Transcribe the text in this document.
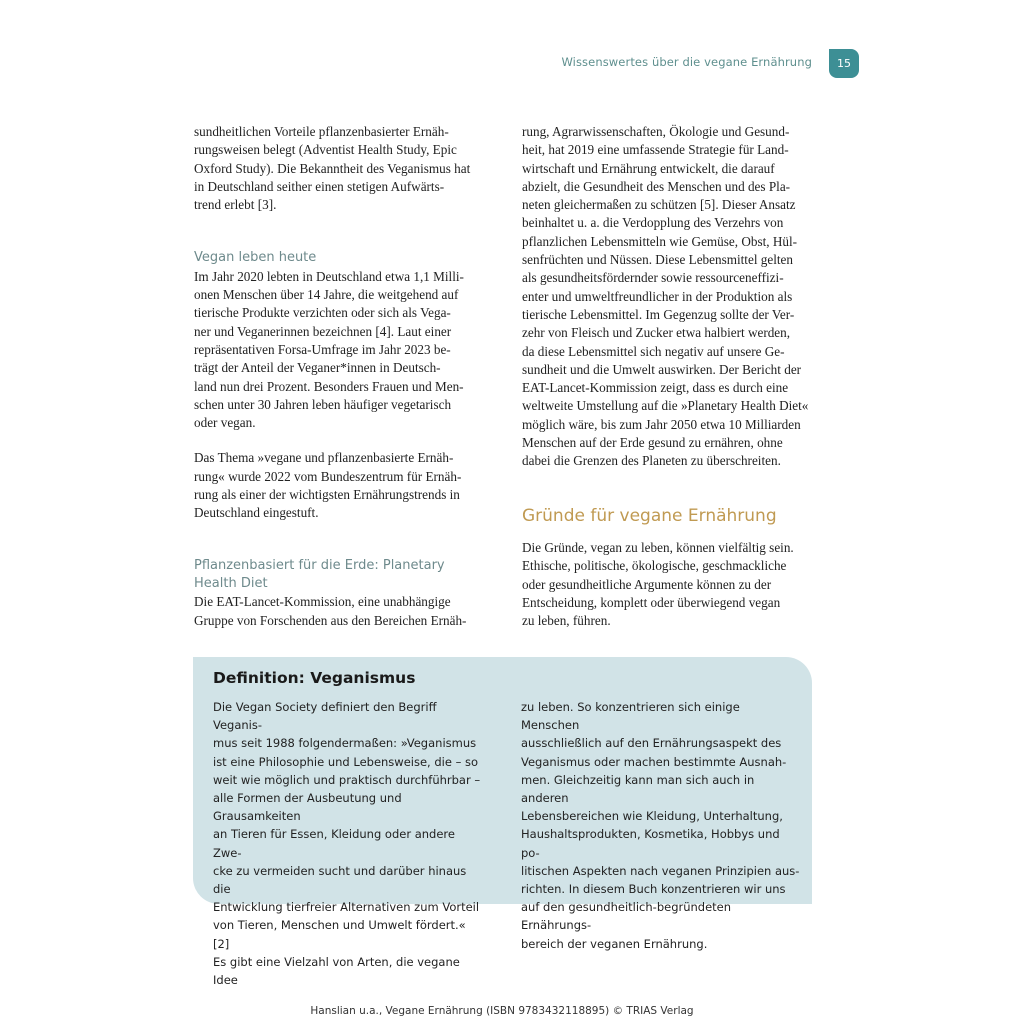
Wissenswertes über die vegane Ernährung	15

sundheitlichen Vorteile pflanzenbasierter Ernäh-
rungsweisen belegt (Adventist Health Study, Epic
Oxford Study). Die Bekanntheit des Veganismus hat
in Deutschland seither einen stetigen Aufwärts-
trend erlebt [3].

Vegan leben heute

Im Jahr 2020 lebten in Deutschland etwa 1,1 Milli-
onen Menschen über 14 Jahre, die weitgehend auf
tierische Produkte verzichten oder sich als Vega-
ner und Veganerinnen bezeichnen [4]. Laut einer
repräsentativen Forsa-Umfrage im Jahr 2023 be-
trägt der Anteil der Veganer*innen in Deutsch-
land nun drei Prozent. Besonders Frauen und Men-
schen unter 30 Jahren leben häufiger vegetarisch
oder vegan.

Das Thema »vegane und pflanzenbasierte Ernäh-
rung« wurde 2022 vom Bundeszentrum für Ernäh-
rung als einer der wichtigsten Ernährungstrends in
Deutschland eingestuft.

Pflanzenbasiert für die Erde: Planetary
Health Diet

Die EAT-Lancet-Kommission, eine unabhängige
Gruppe von Forschenden aus den Bereichen Ernäh-

rung, Agrarwissenschaften, Ökologie und Gesund-
heit, hat 2019 eine umfassende Strategie für Land-
wirtschaft und Ernährung entwickelt, die darauf
abzielt, die Gesundheit des Menschen und des Pla-
neten gleichermaßen zu schützen [5]. Dieser Ansatz
beinhaltet u. a. die Verdopplung des Verzehrs von
pflanzlichen Lebensmitteln wie Gemüse, Obst, Hül-
senfrüchten und Nüssen. Diese Lebensmittel gelten
als gesundheitsfördernder sowie ressourceneffizi-
enter und umweltfreundlicher in der Produktion als
tierische Lebensmittel. Im Gegenzug sollte der Ver-
zehr von Fleisch und Zucker etwa halbiert werden,
da diese Lebensmittel sich negativ auf unsere Ge-
sundheit und die Umwelt auswirken. Der Bericht der
EAT-Lancet-Kommission zeigt, dass es durch eine
weltweite Umstellung auf die »Planetary Health Diet«
möglich wäre, bis zum Jahr 2050 etwa 10 Milliarden
Menschen auf der Erde gesund zu ernähren, ohne
dabei die Grenzen des Planeten zu überschreiten.

Gründe für vegane Ernährung

Die Gründe, vegan zu leben, können vielfältig sein.
Ethische, politische, ökologische, geschmackliche
oder gesundheitliche Argumente können zu der
Entscheidung, komplett oder überwiegend vegan
zu leben, führen.

Definition: Veganismus

Die Vegan Society definiert den Begriff Veganis-
mus seit 1988 folgendermaßen: »Veganismus
ist eine Philosophie und Lebensweise, die – so
weit wie möglich und praktisch durchführbar –
alle Formen der Ausbeutung und Grausamkeiten
an Tieren für Essen, Kleidung oder andere Zwe-
cke zu vermeiden sucht und darüber hinaus die
Entwicklung tierfreier Alternativen zum Vorteil
von Tieren, Menschen und Umwelt fördert.« [2]
Es gibt eine Vielzahl von Arten, die vegane Idee

zu leben. So konzentrieren sich einige Menschen
ausschließlich auf den Ernährungsaspekt des
Veganismus oder machen bestimmte Ausnah-
men. Gleichzeitig kann man sich auch in anderen
Lebensbereichen wie Kleidung, Unterhaltung,
Haushaltsprodukten, Kosmetika, Hobbys und po-
litischen Aspekten nach veganen Prinzipien aus-
richten. In diesem Buch konzentrieren wir uns
auf den gesundheitlich-begründeten Ernährungs-
bereich der veganen Ernährung.

Hanslian u.a., Vegane Ernährung (ISBN 9783432118895) © TRIAS Verlag
